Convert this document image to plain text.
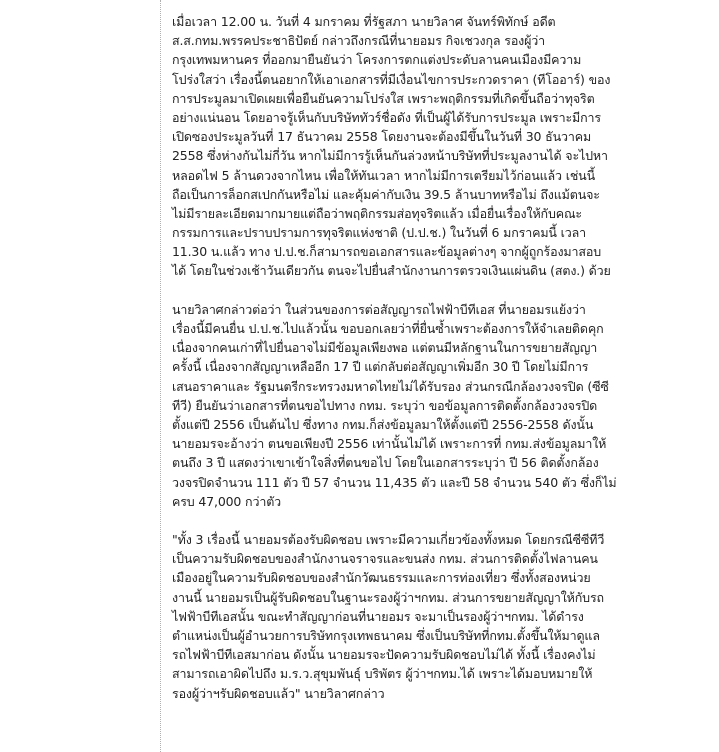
เมื่อเวลา 12.00 น. วันที่ 4 มกราคม ที่รัฐสภา นายวิลาศ จันทร์พิทักษ์ อดีต
ส.ส.กทม.พรรคประชาธิปัตย์ กล่าวถึงกรณีที่นายอมร กิจเชวงกุล รองผู้ว่า
กรุงเทพมหานคร ที่ออกมายืนยันว่า โครงการตกแต่งประดับลานคนเมืองมีความ
โปร่งใสว่า เรื่องนี้ตนอยากให้เอาเอกสารที่มีเงื่อนไขการประกวดราคา (ทีโออาร์) ของ
การประมูลมาเปิดเผยเพื่อยืนยันความโปร่งใส เพราะพฤติกรรมที่เกิดขึ้นถือว่าทุจริต
อย่างแน่นอน โดยอาจรู้เห็นกับบริษัททัวร์ชื่อดัง ที่เป็นผู้ได้รับการประมูล เพราะมีการ
เปิดซองประมูลวันที่ 17 ธันวาคม 2558 โดยงานจะต้องมีขึ้นในวันที่ 30 ธันวาคม
2558 ซึ่งห่างกันไม่กี่วัน หากไม่มีการรู้เห็นกันล่วงหน้าบริษัทที่ประมูลงานได้ จะไปหา
หลอดไฟ 5 ล้านดวงจากไหน เพื่อให้ทันเวลา หากไม่มีการเตรียมไว้ก่อนแล้ว เช่นนี้
ถือเป็นการล็อกสเปกกันหรือไม่ และคุ้มค่ากับเงิน 39.5 ล้านบาทหรือไม่ ถึงแม้ตนจะ
ไม่มีรายละเอียดมากมายแต่ถือว่าพฤติกรรมส่อทุจริตแล้ว เมื่อยื่นเรื่องให้กับคณะ
กรรมการและปราบปรามการทุจริตแห่งชาติ (ป.ป.ช.) ในวันที่ 6 มกราคมนี้ เวลา
11.30 น.แล้ว ทาง ป.ป.ช.ก็สามารถขอเอกสารและข้อมูลต่างๆ จากผู้ถูกร้องมาสอบ
ได้ โดยในช่วงเช้าวันเดียวกัน ตนจะไปยื่นสำนักงานการตรวจเงินแผ่นดิน (สตง.) ด้วย
นายวิลาศกล่าวต่อว่า ในส่วนของการต่อสัญญารถไฟฟ้าบีทีเอส ที่นายอมรแย้งว่า
เรื่องนี้มีคนยื่น ป.ป.ช.ไปแล้วนั้น ขอบอกเลยว่าที่ยื่นซ้ำเพราะต้องการให้จำเลยติดคุก
เนื่องจากคนเก่าที่ไปยื่นอาจไม่มีข้อมูลเพียงพอ แต่ตนมีหลักฐานในการขยายสัญญา
ครั้งนี้ เนื่องจากสัญญาเหลืออีก 17 ปี แต่กลับต่อสัญญาเพิ่มอีก 30 ปี โดยไม่มีการ
เสนอราคาและ รัฐมนตรีกระทรวงมหาดไทยไม่ได้รับรอง ส่วนกรณีกล้องวงจรปิด (ซีซี
ทีวี) ยืนยันว่าเอกสารที่ตนขอไปทาง กทม. ระบุว่า ขอข้อมูลการติดตั้งกล้องวงจรปิด
ตั้งแต่ปี 2556 เป็นต้นไป ซึ่งทาง กทม.ก็ส่งข้อมูลมาให้ตั้งแต่ปี 2556-2558 ดังนั้น
นายอมรจะอ้างว่า ตนขอเพียงปี 2556 เท่านั้นไม่ได้ เพราะการที่ กทม.ส่งข้อมูลมาให้
ตนถึง 3 ปี แสดงว่าเขาเข้าใจสิ่งที่ตนขอไป โดยในเอกสารระบุว่า ปี 56 ติดตั้งกล้อง
วงจรปิดจำนวน 111 ตัว ปี 57 จำนวน 11,435 ตัว และปี 58 จำนวน 540 ตัว ซึ่งก็ไม่
ครบ 47,000 กว่าตัว
"ทั้ง 3 เรื่องนี้ นายอมรต้องรับผิดชอบ เพราะมีความเกี่ยวข้องทั้งหมด โดยกรณีซีซีทีวี
เป็นความรับผิดชอบของสำนักงานจราจรและขนส่ง กทม. ส่วนการติดตั้งไฟลานคน
เมืองอยู่ในความรับผิดชอบของสำนักวัฒนธรรมและการท่องเที่ยว ซึ่งทั้งสองหน่วย
งานนี้ นายอมรเป็นผู้รับผิดชอบในฐานะรองผู้ว่าฯกทม. ส่วนการขยายสัญญาให้กับรถ
ไฟฟ้าบีทีเอสนั้น ขณะทำสัญญาก่อนที่นายอมร จะมาเป็นรองผู้ว่าฯกทม. ได้ดำรง
ตำแหน่งเป็นผู้อำนวยการบริษัทกรุงเทพธนาคม ซึ่งเป็นบริษัทที่กทม.ตั้งขึ้นให้มาดูแล
รถไฟฟ้าบีทีเอสมาก่อน ดังนั้น นายอมรจะปัดความรับผิดชอบไม่ได้ ทั้งนี้ เรื่องคงไม่
สามารถเอาผิดไปถึง ม.ร.ว.สุขุมพันธุ์ บริพัตร ผู้ว่าฯกทม.ได้ เพราะได้มอบหมายให้
รองผู้ว่าฯรับผิดชอบแล้ว" นายวิลาศกล่าว
